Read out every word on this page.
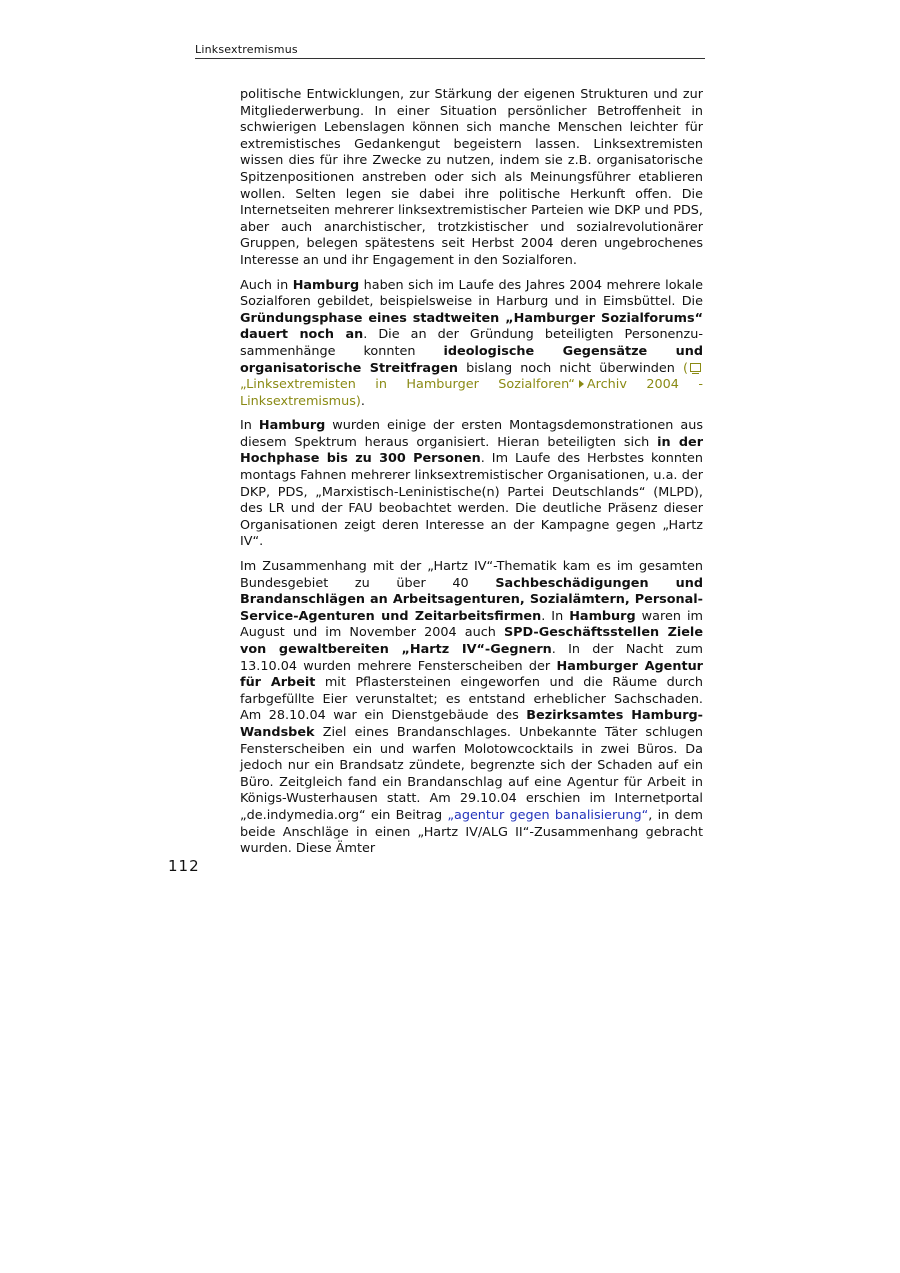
Linksextremismus

politische Entwicklungen, zur Stärkung der eigenen Strukturen und zur Mitgliederwerbung. In einer Situation persönlicher Betroffenheit in schwierigen Lebenslagen können sich manche Menschen leichter für extremistisches Gedankengut begeistern lassen. Linksextremisten wissen dies für ihre Zwecke zu nutzen, indem sie z.B. organisatorische Spitzenpositionen anstreben oder sich als Meinungsführer etablieren wollen. Selten legen sie dabei ihre politische Herkunft offen. Die Internetseiten mehrerer linksextremistischer Parteien wie DKP und PDS, aber auch anarchistischer, trotzkistischer und sozialrevolutionärer Gruppen, belegen spätestens seit Herbst 2004 deren ungebrochenes Interesse an und ihr Engagement in den Sozialforen.

Auch in Hamburg haben sich im Laufe des Jahres 2004 mehrere lokale Sozialforen gebildet, beispielsweise in Harburg und in Eimsbüttel. Die Gründungsphase eines stadtweiten „Hamburger Sozialforums“ dauert noch an. Die an der Gründung beteiligten Personenzusammenhänge konnten ideologische Gegensätze und organisatorische Streitfragen bislang noch nicht überwinden ( „Linksextremisten in Hamburger Sozialforen“ Archiv 2004 - Linksextremismus).

In Hamburg wurden einige der ersten Montagsdemonstrationen aus diesem Spektrum heraus organisiert. Hieran beteiligten sich in der Hochphase bis zu 300 Personen. Im Laufe des Herbstes konnten montags Fahnen mehrerer linksextremistischer Organisationen, u.a. der DKP, PDS, „Marxistisch-Leninistische(n) Partei Deutschlands“ (MLPD), des LR und der FAU beobachtet werden. Die deutliche Präsenz dieser Organisationen zeigt deren Interesse an der Kampagne gegen „Hartz IV“.

Im Zusammenhang mit der „Hartz IV“-Thematik kam es im gesamten Bundesgebiet zu über 40 Sachbeschädigungen und Brandanschlägen an Arbeitsagenturen, Sozialämtern, Personal-Service-Agenturen und Zeitarbeitsfirmen. In Hamburg waren im August und im November 2004 auch SPD-Geschäftsstellen Ziele von gewaltbereiten „Hartz IV“-Gegnern. In der Nacht zum 13.10.04 wurden mehrere Fensterscheiben der Hamburger Agentur für Arbeit mit Pflastersteinen eingeworfen und die Räume durch farbgefüllte Eier verunstaltet; es entstand erheblicher Sachschaden. Am 28.10.04 war ein Dienstgebäude des Bezirksamtes Hamburg-Wandsbek Ziel eines Brandanschlages. Unbekannte Täter schlugen Fensterscheiben ein und warfen Molotowcocktails in zwei Büros. Da jedoch nur ein Brandsatz zündete, begrenzte sich der Schaden auf ein Büro. Zeitgleich fand ein Brandanschlag auf eine Agentur für Arbeit in Königs-Wusterhausen statt. Am 29.10.04 erschien im Internetportal „de.indymedia.org“ ein Beitrag „agentur gegen banalisierung“, in dem beide Anschläge in einen „Hartz IV/ALG II“-Zusammenhang gebracht wurden. Diese Ämter

112
